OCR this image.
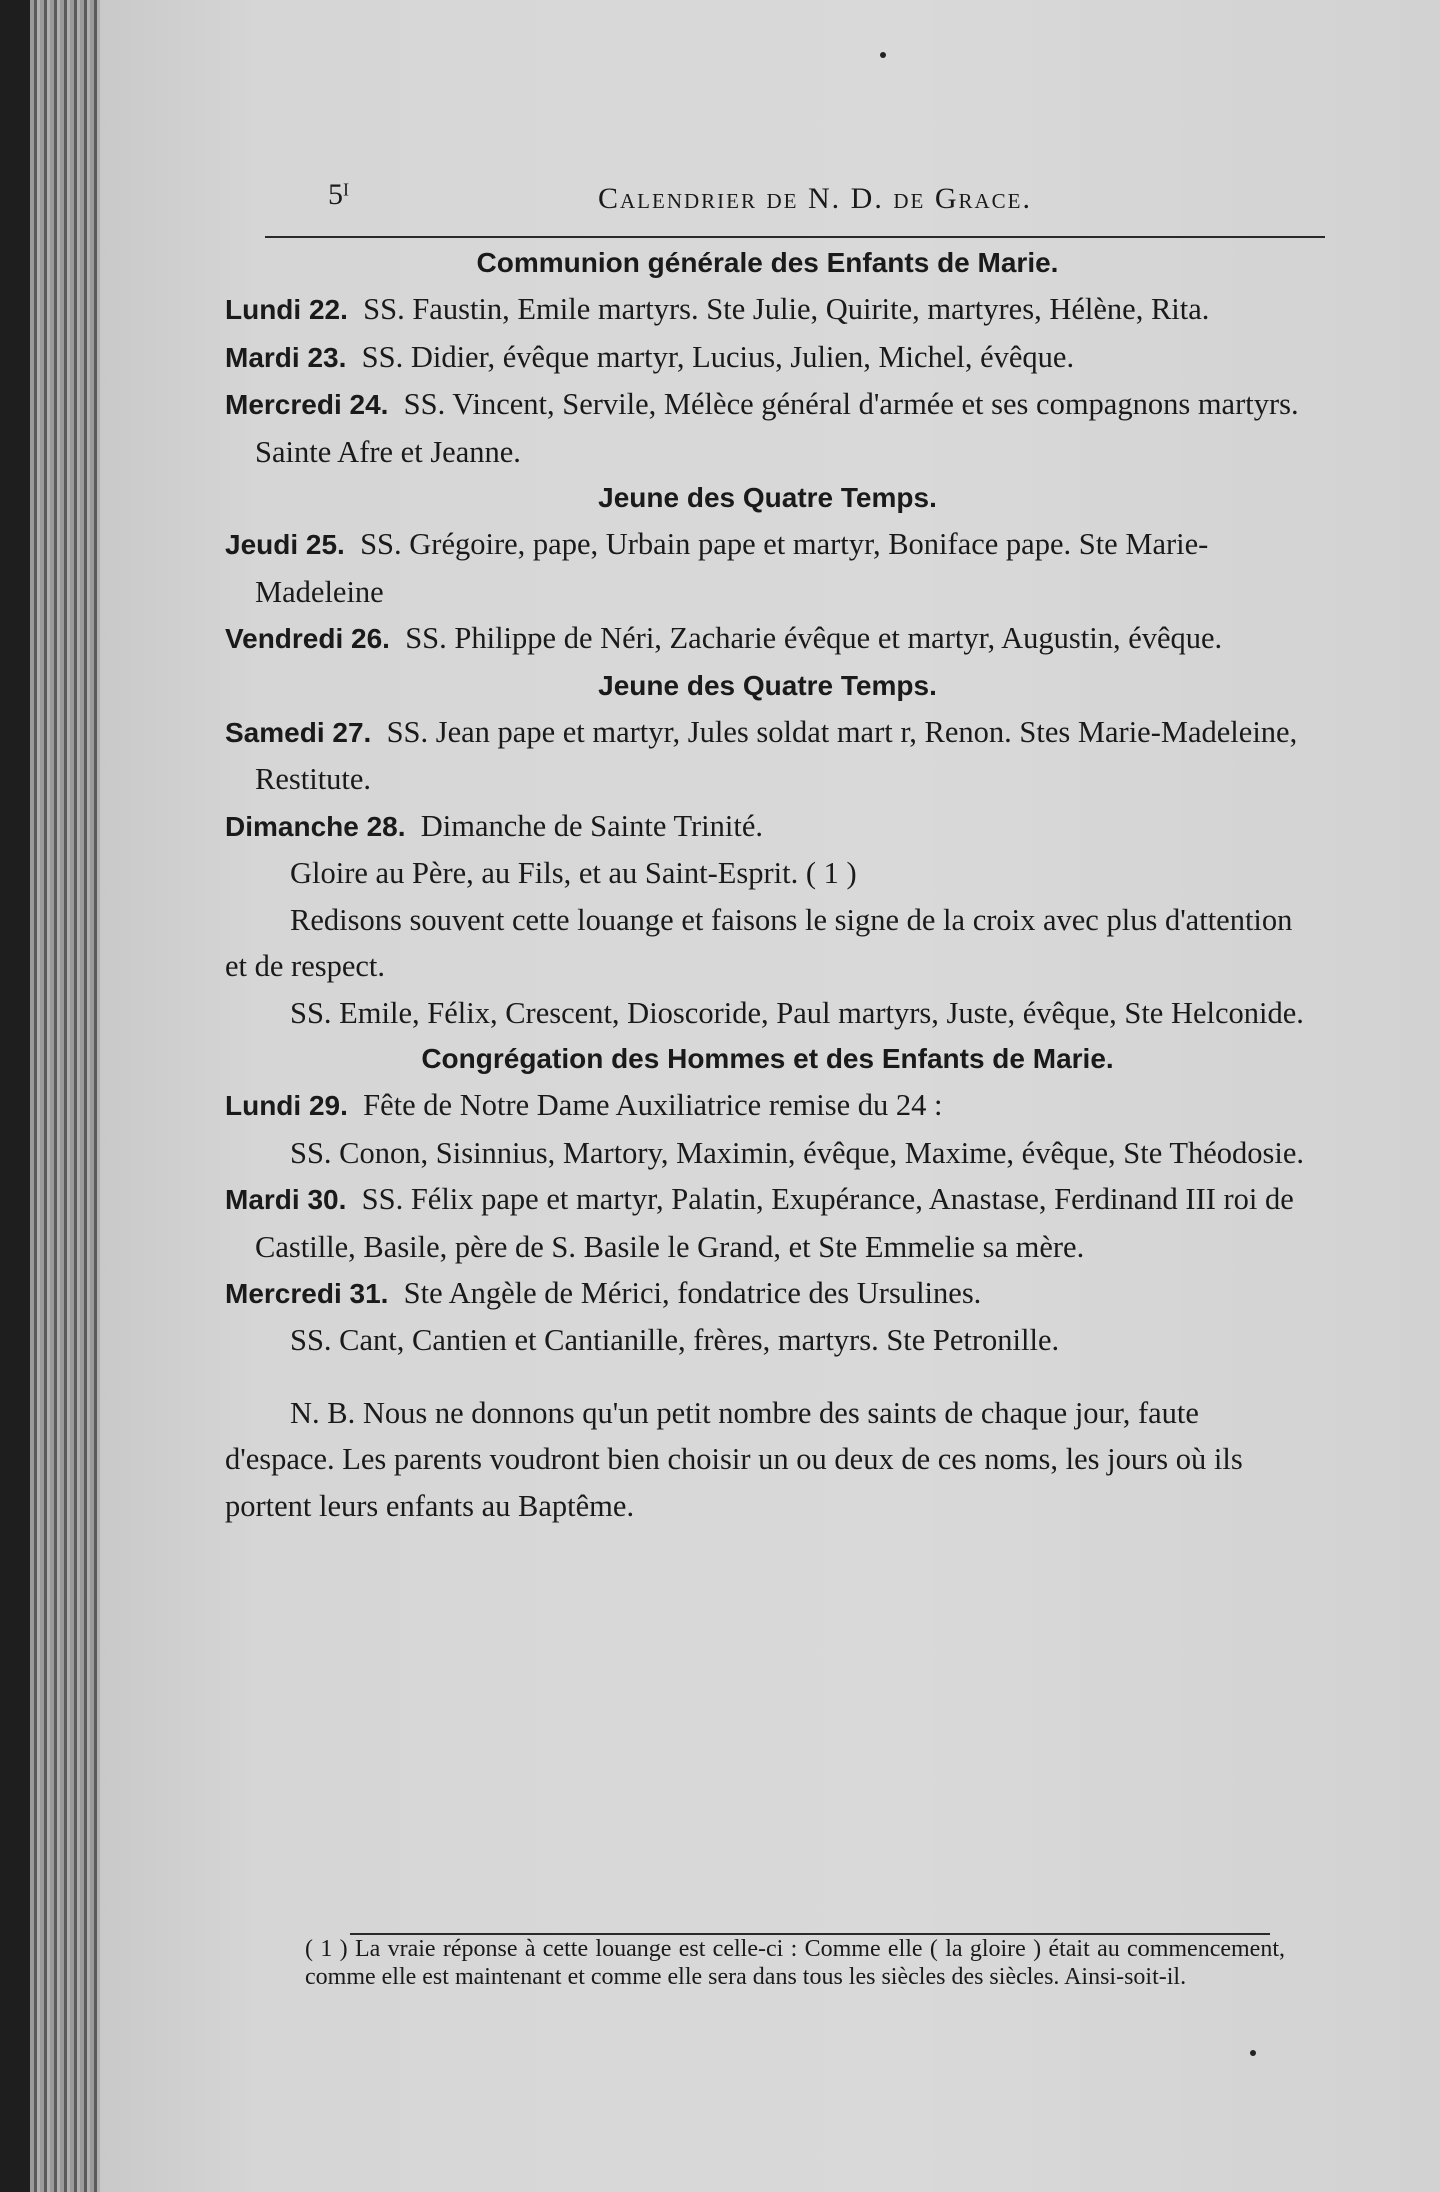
5ᴵ	Calendrier de N. D. de Grace.

Communion générale des Enfants de Marie.

Lundi 22. SS. Faustin, Emile martyrs. Ste Julie, Quirite, martyres, Hélène, Rita.

Mardi 23. SS. Didier, évêque martyr, Lucius, Julien, Michel, évêque.

Mercredi 24. SS. Vincent, Servile, Mélèce général d'armée et ses compagnons martyrs. Sainte Afre et Jeanne.

Jeune des Quatre Temps.

Jeudi 25. SS. Grégoire, pape, Urbain pape et martyr, Boniface pape. Ste Marie-Madeleine

Vendredi 26. SS. Philippe de Néri, Zacharie évêque et martyr, Augustin, évêque.

Jeune des Quatre Temps.

Samedi 27. SS. Jean pape et martyr, Jules soldat mart r, Renon. Stes Marie-Madeleine, Restitute.

Dimanche 28. Dimanche de Sainte Trinité.

Gloire au Père, au Fils, et au Saint-Esprit. ( 1 )

Redisons souvent cette louange et faisons le signe de la croix avec plus d'attention et de respect.

SS. Emile, Félix, Crescent, Dioscoride, Paul martyrs, Juste, évêque, Ste Helconide.

Congrégation des Hommes et des Enfants de Marie.

Lundi 29. Fête de Notre Dame Auxiliatrice remise du 24 :

SS. Conon, Sisinnius, Martory, Maximin, évêque, Maxime, évêque, Ste Théodosie.

Mardi 30. SS. Félix pape et martyr, Palatin, Exupérance, Anastase, Ferdinand III roi de Castille, Basile, père de S. Basile le Grand, et Ste Emmelie sa mère.

Mercredi 31. Ste Angèle de Mérici, fondatrice des Ursulines.

SS. Cant, Cantien et Cantianille, frères, martyrs. Ste Petronille.

N. B. Nous ne donnons qu'un petit nombre des saints de chaque jour, faute d'espace. Les parents voudront bien choisir un ou deux de ces noms, les jours où ils portent leurs enfants au Baptême.

( 1 ) La vraie réponse à cette louange est celle-ci : Comme elle ( la gloire ) était au commencement, comme elle est maintenant et comme elle sera dans tous les siècles des siècles. Ainsi-soit-il.
